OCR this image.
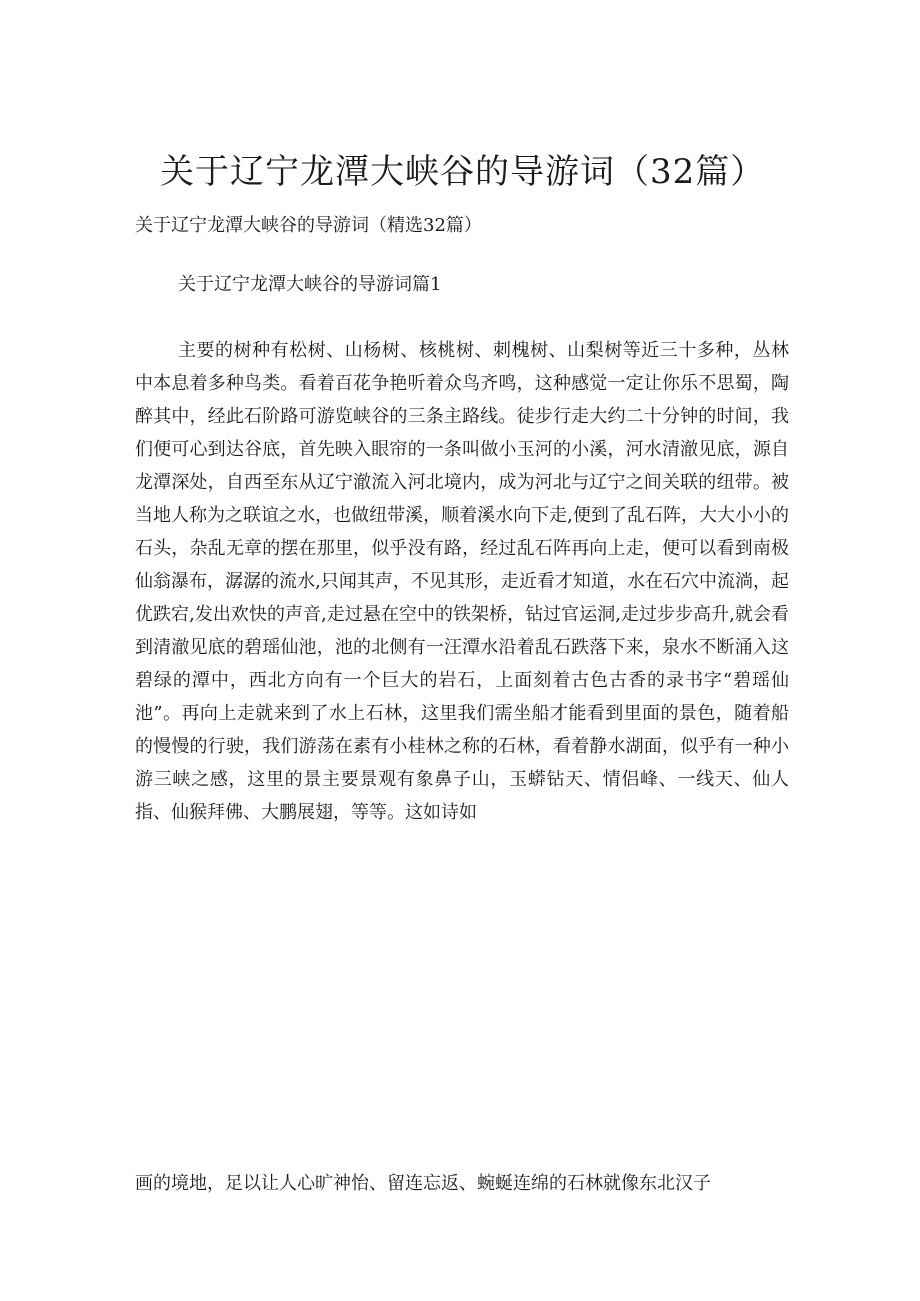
关于辽宁龙潭大峡谷的导游词（32篇）

关于辽宁龙潭大峡谷的导游词（精选32篇）

关于辽宁龙潭大峡谷的导游词篇1

主要的树种有松树、山杨树、核桃树、刺槐树、山梨树等近三十多种，丛林中本息着多种鸟类。看着百花争艳听着众鸟齐鸣，这种感觉一定让你乐不思蜀，陶醉其中，经此石阶路可游览峡谷的三条主路线。徒步行走大约二十分钟的时间，我们便可心到达谷底，首先映入眼帘的一条叫做小玉河的小溪，河水清澈见底，源自龙潭深处，自西至东从辽宁澈流入河北境内，成为河北与辽宁之间关联的纽带。被当地人称为之联谊之水，也做纽带溪，顺着溪水向下走,便到了乱石阵，大大小小的石头，杂乱无章的摆在那里，似乎没有路，经过乱石阵再向上走，便可以看到南极仙翁瀑布，潺潺的流水,只闻其声，不见其形，走近看才知道，水在石穴中流淌，起优跌宕,发出欢快的声音,走过悬在空中的铁架桥，钻过官运洞,走过步步高升,就会看到清澈见底的碧瑶仙池，池的北侧有一汪潭水沿着乱石跌落下来，泉水不断涌入这碧绿的潭中，西北方向有一个巨大的岩石，上面刻着古色古香的录书字“碧瑶仙池”。再向上走就来到了水上石林，这里我们需坐船才能看到里面的景色，随着船的慢慢的行驶，我们游荡在素有小桂林之称的石林，看着静水湖面，似乎有一种小游三峡之感，这里的景主要景观有象鼻子山，玉蟒钻天、情侣峰、一线天、仙人指、仙猴拜佛、大鹏展翅，等等。这如诗如

画的境地，足以让人心旷神怡、留连忘返、蜿蜒连绵的石林就像东北汉子
